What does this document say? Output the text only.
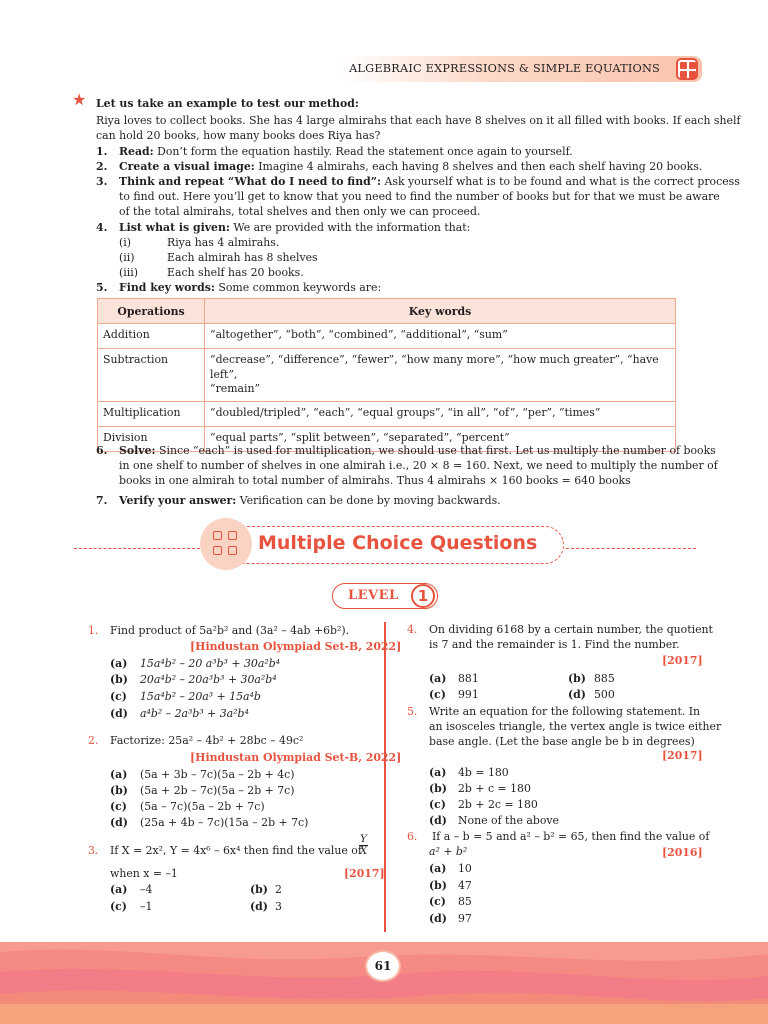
ALGEBRAIC EXPRESSIONS & SIMPLE EQUATIONS
★ Let us take an example to test our method:
Riya loves to collect books. She has 4 large almirahs that each have 8 shelves on it all filled with books. If each shelf
can hold 20 books, how many books does Riya has?
1. Read: Don’t form the equation hastily. Read the statement once again to yourself.
2. Create a visual image: Imagine 4 almirahs, each having 8 shelves and then each shelf having 20 books.
3. Think and repeat “What do I need to find”: Ask yourself what is to be found and what is the correct process
to find out. Here you’ll get to know that you need to find the number of books but for that we must be aware
of the total almirahs, total shelves and then only we can proceed.
4. List what is given: We are provided with the information that:
(i)	Riya has 4 almirahs.
(ii)	Each almirah has 8 shelves
(iii)	Each shelf has 20 books.
5. Find key words: Some common keywords are:
Operations	Key words
Addition	“altogether”, “both”, “combined”, “additional”, “sum”
Subtraction	“decrease”, “difference”, “fewer”, “how many more”, “how much greater”, “have left”,
“remain”
Multiplication	“doubled/tripled”, “each”, “equal groups”, “in all”, “of”, “per”, “times”
Division	“equal parts”, “split between”, “separated”, “percent”
6. Solve: Since “each” is used for multiplication, we should use that first. Let us multiply the number of books
in one shelf to number of shelves in one almirah i.e., 20 × 8 = 160. Next, we need to multiply the number of
books in one almirah to total number of almirahs. Thus 4 almirahs × 160 books = 640 books
7. Verify your answer: Verification can be done by moving backwards.
Multiple Choice Questions
LEVEL	1
1. Find product of 5a²b² and (3a² – 4ab +6b²).
[Hindustan Olympiad Set-B, 2022]
(a) 15a⁴b² – 20 a³b³ + 30a²b⁴
(b) 20a⁴b² – 20a³b³ + 30a²b⁴
(c) 15a⁴b² – 20a³ + 15a⁴b
(d) a⁴b² – 2a³b³ + 3a²b⁴
2. Factorize: 25a² – 4b² + 28bc – 49c²
[Hindustan Olympiad Set-B, 2022]
(a) (5a + 3b – 7c)(5a – 2b + 4c)
(b) (5a + 2b – 7c)(5a – 2b + 7c)
(c) (5a – 7c)(5a – 2b + 7c)
(d) (25a + 4b – 7c)(15a – 2b + 7c)
3. If X = 2x², Y = 4x⁶ – 6x⁴ then find the value of
$\frac{Y}{X}$
when x = –1	[2017]
(a) –4	(b) 2
(c) –1	(d) 3
4. On dividing 6168 by a certain number, the quotient
is 7 and the remainder is 1. Find the number.
[2017]
(a) 881	(b) 885
(c) 991	(d) 500
5. Write an equation for the following statement. In
an isosceles triangle, the vertex angle is twice either
base angle. (Let the base angle be b in degrees)
[2017]
(a) 4b = 180
(b) 2b + c = 180
(c) 2b + 2c = 180
(d) None of the above
6. If a – b = 5 and a² – b² = 65, then find the value of
a² + b²	[2016]
(a) 10
(b) 47
(c) 85
(d) 97
61
